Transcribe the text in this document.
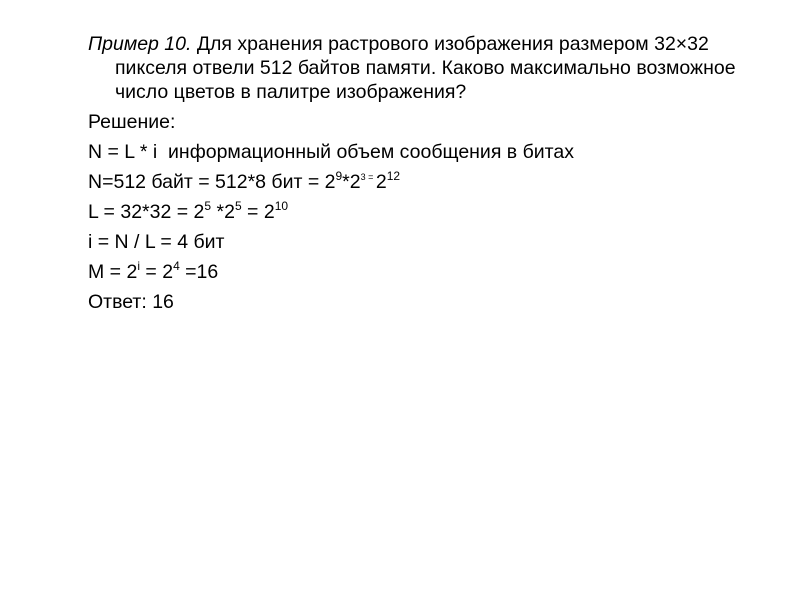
Пример 10. Для хранения растрового изображения размером 32×32 пикселя отвели 512 байтов памяти. Каково максимально возможное число цветов в палитре изображения?

Решение:

N = L * i информационный объем сообщения в битах

N=512 байт = 512*8 бит = $2^9*2^{3 =}$ $2^{12}$

$L = 32*32 = 2^5$ $*2^5 = 2^{10}$

i = N / L = 4 бит

$M = 2^i = 2^4 =16$

Ответ: 16
